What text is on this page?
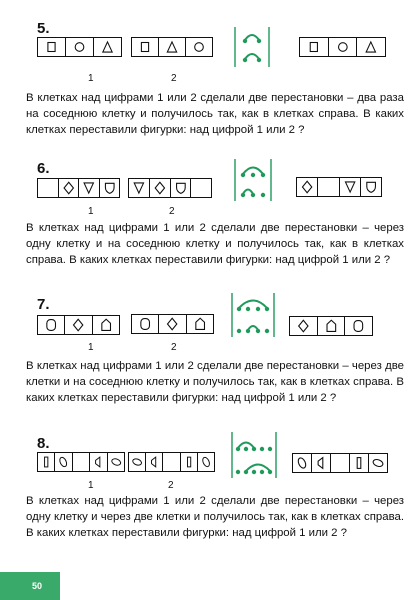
5.
1	2

В клетках над цифрами 1 или 2 сделали две перестановки – два раза на соседнюю клетку и получилось так, как в клетках справа. В каких клетках переставили фигурки: над цифрой 1 или 2 ?

6.
1	2

В клетках над цифрами 1 или 2 сделали две перестановки – через одну клетку и на соседнюю клетку и получилось так, как в клетках справа. В каких клетках переставили фигурки: над цифрой 1 или 2 ?

7.
1	2

В клетках над цифрами 1 или 2 сделали две перестановки – через две клетки и на соседнюю клетку и получилось так, как в клетках справа. В каких клетках переставили фигурки: над цифрой 1 или 2 ?

8.
1	2

В клетках над цифрами 1 или 2 сделали две перестановки – через одну клетку и через две клетки и получилось так, как в клетках справа. В каких клетках переставили фигурки: над цифрой 1 или 2 ?

50
